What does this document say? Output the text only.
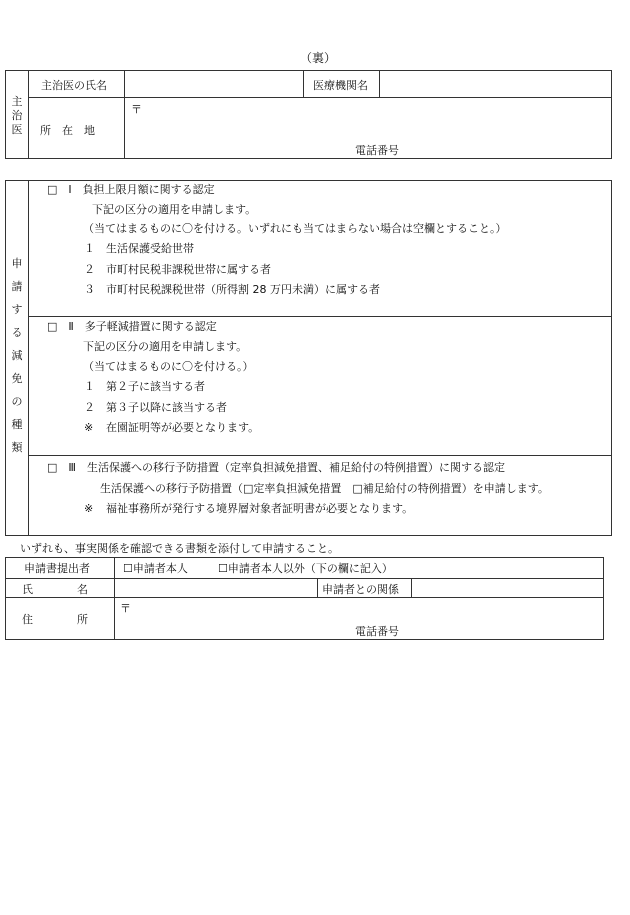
（裏）
主
治
医
主治医の氏名	医療機関名
所　在　地
〒
電話番号
申
請
す
る
減
免
の
種
類
□　Ⅰ　負担上限月額に関する認定
下記の区分の適用を申請します。
（当てはまるものに〇を付ける。いずれにも当てはまらない場合は空欄とすること。）
１ 生活保護受給世帯
２ 市町村民税非課税世帯に属する者
３ 市町村民税課税世帯（所得割 28 万円未満）に属する者
□　Ⅱ　多子軽減措置に関する認定
下記の区分の適用を申請します。
（当てはまるものに〇を付ける。）
１ 第２子に該当する者
２ 第３子以降に該当する者
※ 在園証明等が必要となります。
□　Ⅲ　生活保護への移行予防措置（定率負担減免措置、補足給付の特例措置）に関する認定
生活保護への移行予防措置（□定率負担減免措置　□補足給付の特例措置）を申請します。
※ 福祉事務所が発行する境界層対象者証明書が必要となります。
いずれも、事実関係を確認できる書類を添付して申請すること。
申請書提出者	☐申請者本人	☐申請者本人以外（下の欄に記入）
氏　　　　名	申請者との関係
住　　　　所
〒
電話番号
